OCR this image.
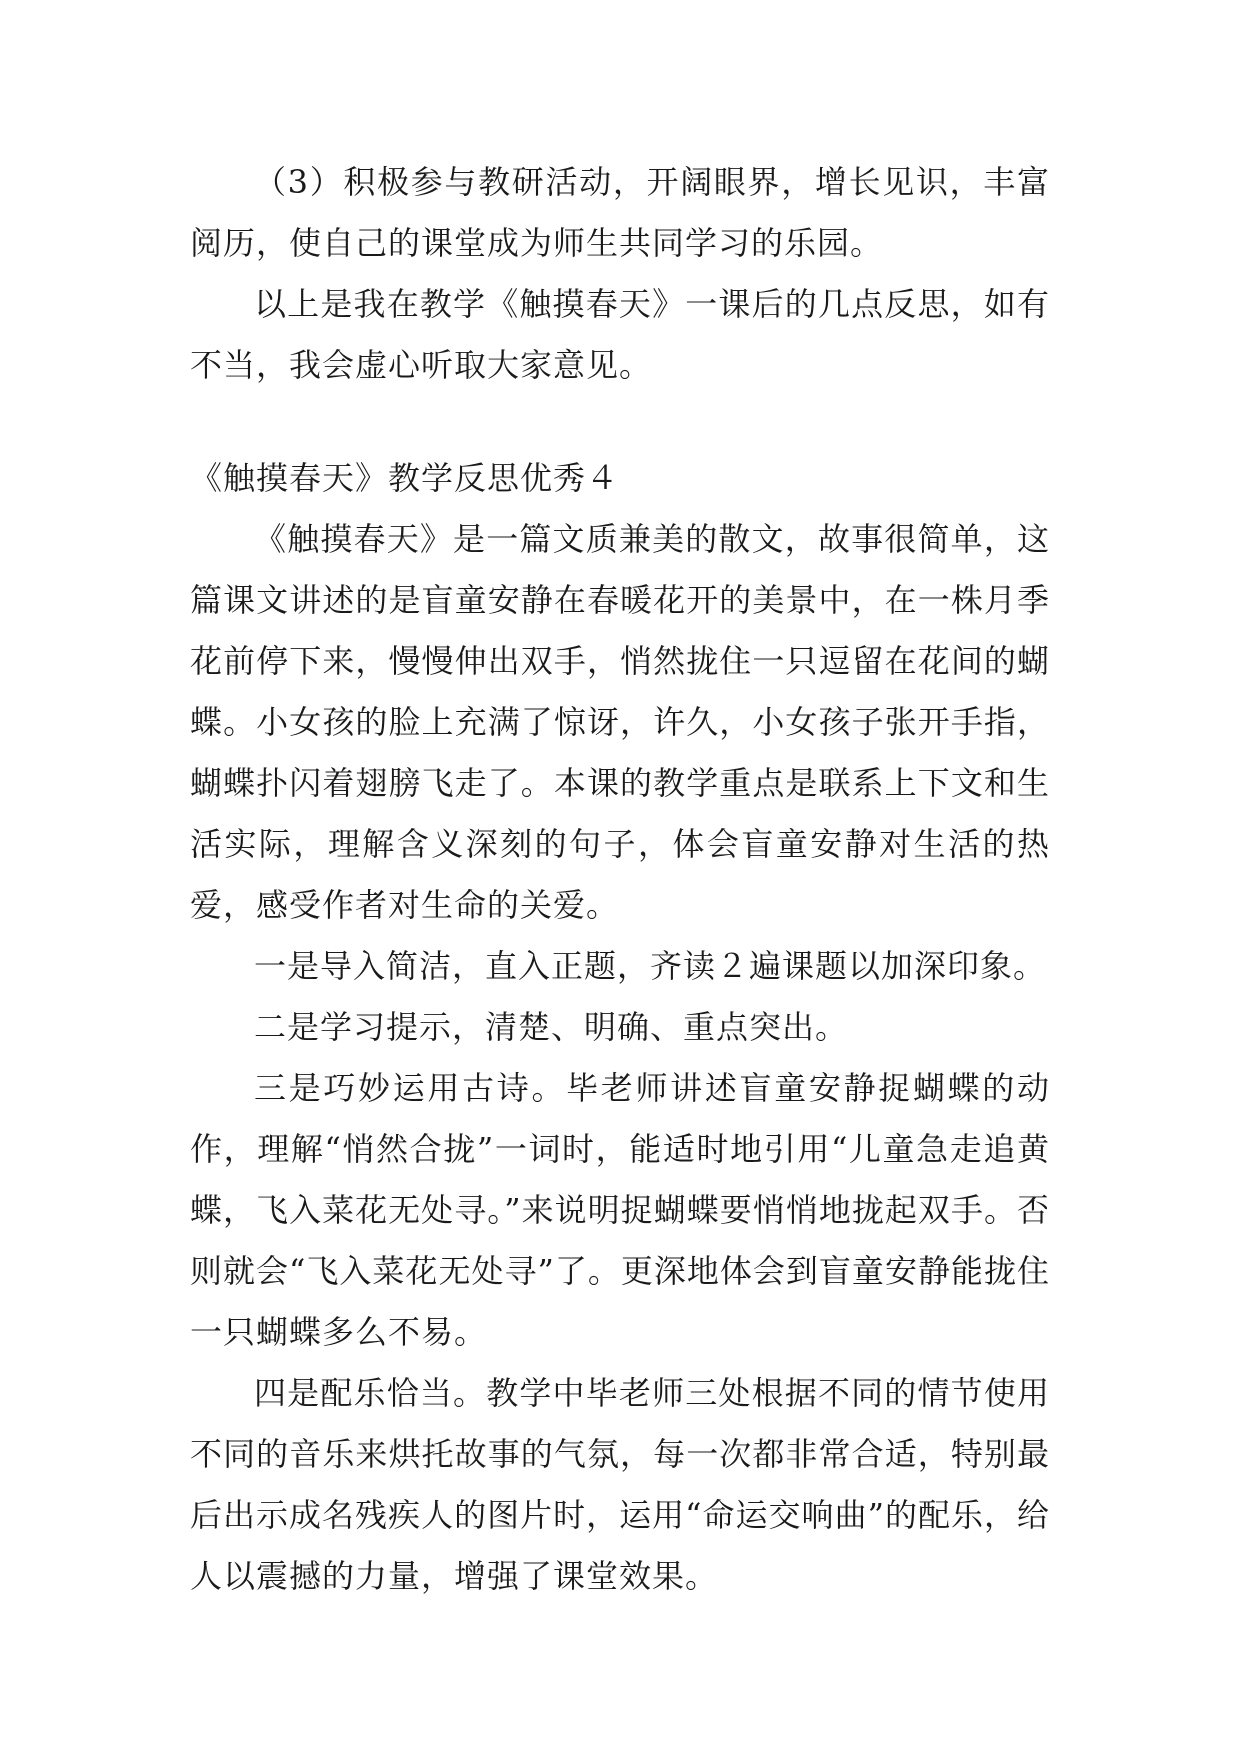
（3）积极参与教研活动，开阔眼界，增长见识，丰富阅历，使自己的课堂成为师生共同学习的乐园。
以上是我在教学《触摸春天》一课后的几点反思，如有不当，我会虚心听取大家意见。
《触摸春天》教学反思优秀４
《触摸春天》是一篇文质兼美的散文，故事很简单，这篇课文讲述的是盲童安静在春暖花开的美景中，在一株月季花前停下来，慢慢伸出双手，悄然拢住一只逗留在花间的蝴蝶。小女孩的脸上充满了惊讶，许久，小女孩子张开手指，蝴蝶扑闪着翅膀飞走了。本课的教学重点是联系上下文和生活实际，理解含义深刻的句子，体会盲童安静对生活的热爱，感受作者对生命的关爱。
一是导入简洁，直入正题，齐读２遍课题以加深印象。
二是学习提示，清楚、明确、重点突出。
三是巧妙运用古诗。毕老师讲述盲童安静捉蝴蝶的动作，理解“悄然合拢”一词时，能适时地引用“儿童急走追黄蝶，飞入菜花无处寻。”来说明捉蝴蝶要悄悄地拢起双手。否则就会“飞入菜花无处寻”了。更深地体会到盲童安静能拢住一只蝴蝶多么不易。
四是配乐恰当。教学中毕老师三处根据不同的情节使用不同的音乐来烘托故事的气氛，每一次都非常合适，特别最后出示成名残疾人的图片时，运用“命运交响曲”的配乐，给人以震撼的力量，增强了课堂效果。
